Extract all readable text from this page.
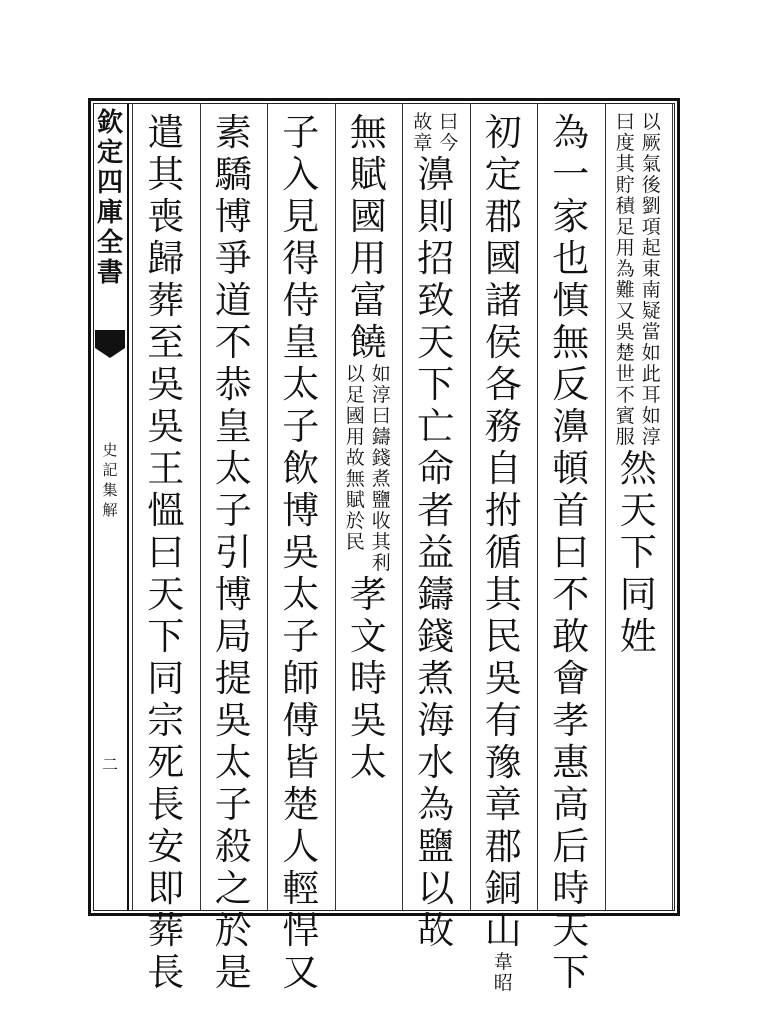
欽
定
四
庫
全
書
史
記
集
解
二
曰
度
其
貯
積
足
用
為
難
又
吳
楚
世
不
賓
服
以
厥
氣
後
劉
項
起
東
南
疑
當
如
此
耳
如
淳
然
天
下
同
姓
為
一
家
也
慎
無
反
濞
頓
首
曰
不
敢
會
孝
惠
高
后
時
天
下
初
定
郡
國
諸
侯
各
務
自
拊
循
其
民
吳
有
豫
章
郡
銅
山
韋
昭
故
章
曰
今
濞
則
招
致
天
下
亡
命
者
益
鑄
錢
煮
海
水
為
鹽
以
故
無
賦
國
用
富
饒
以
足
國
用
故
無
賦
於
民
如
淳
曰
鑄
錢
煮
鹽
收
其
利
孝
文
時
吳
太
子
入
見
得
侍
皇
太
子
飲
博
吳
太
子
師
傅
皆
楚
人
輕
悍
又
素
驕
博
爭
道
不
恭
皇
太
子
引
博
局
提
吳
太
子
殺
之
於
是
遣
其
喪
歸
葬
至
吳
吳
王
慍
曰
天
下
同
宗
死
長
安
即
葬
長
